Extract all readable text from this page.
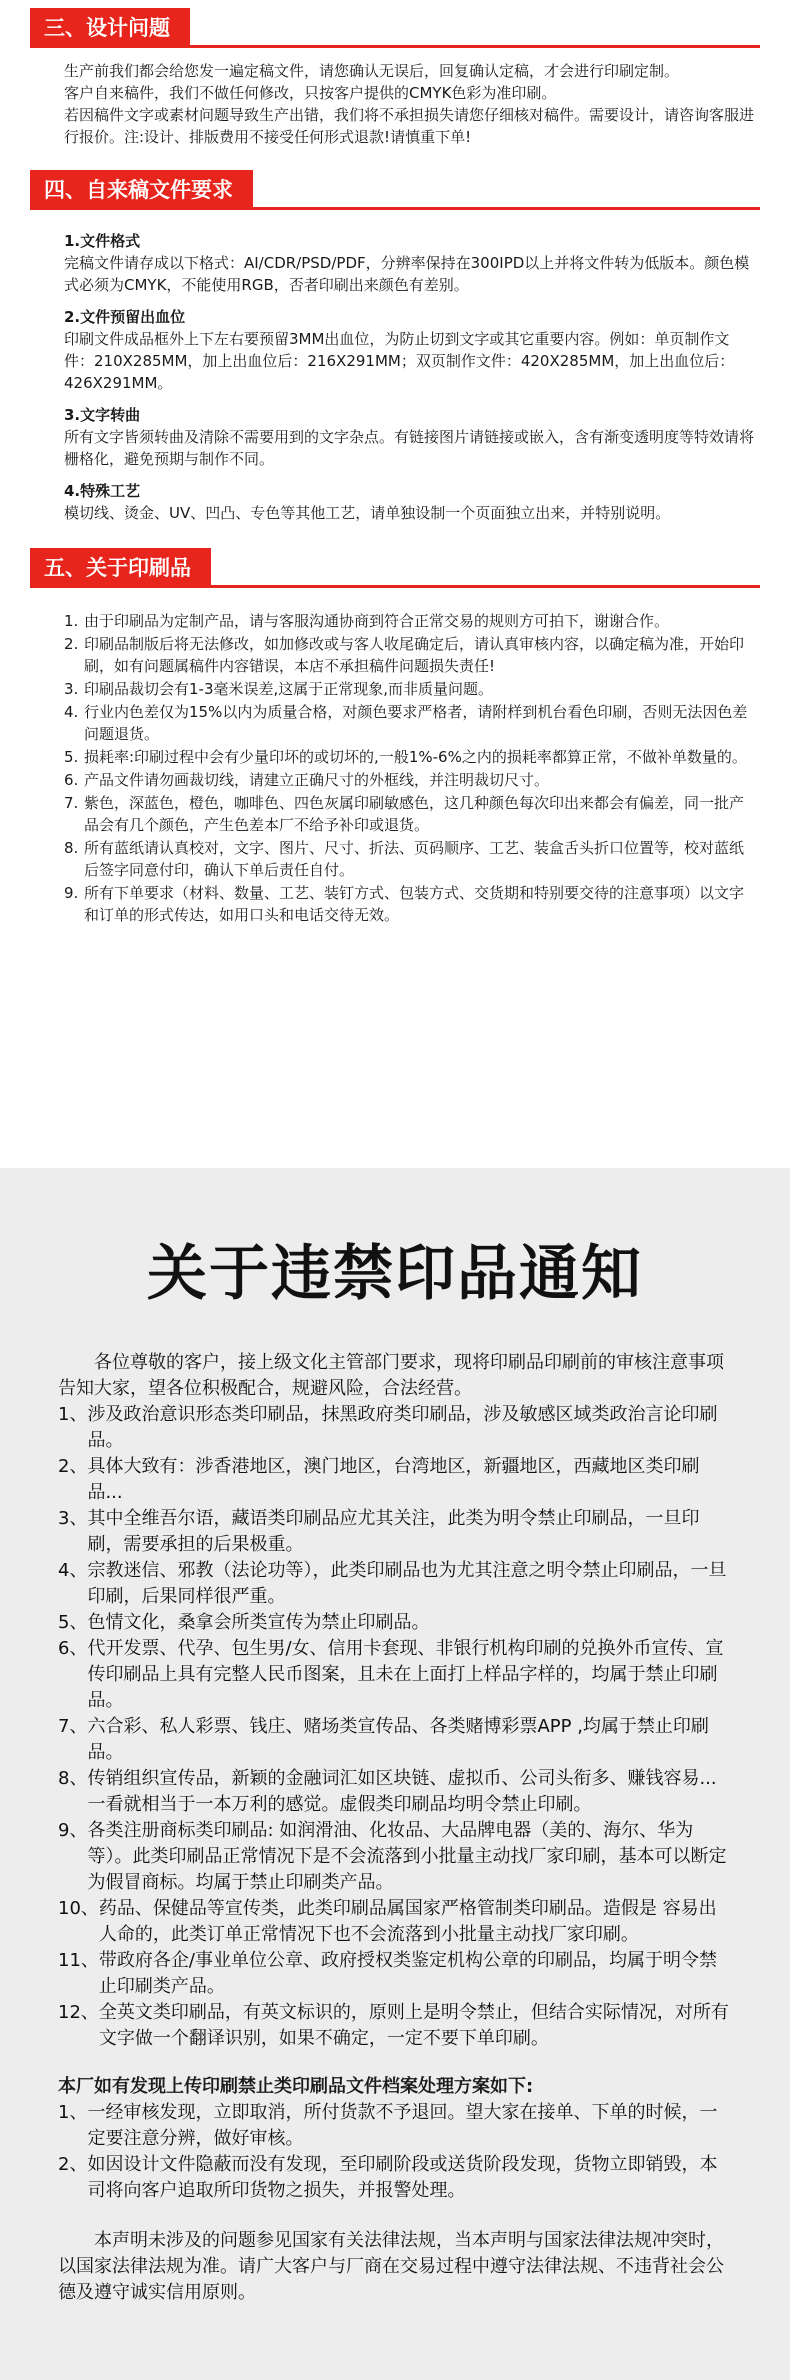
三、设计问题

生产前我们都会给您发一遍定稿文件，请您确认无误后，回复确认定稿，才会进行印刷定制。

客户自来稿件，我们不做任何修改，只按客户提供的CMYK色彩为准印刷。

若因稿件文字或素材问题导致生产出错，我们将不承担损失请您仔细核对稿件。需要设计，请咨询客服进行报价。注:设计、排版费用不接受任何形式退款!请慎重下单!

四、自来稿文件要求
1.文件格式
完稿文件请存成以下格式：AI/CDR/PSD/PDF，分辨率保持在300IPD以上并将文件转为低版本。颜色模式必须为CMYK，不能使用RGB，否者印刷出来颜色有差别。
2.文件预留出血位
印刷文件成品框外上下左右要预留3MM出血位，为防止切到文字或其它重要内容。例如：单页制作文件：210X285MM，加上出血位后：216X291MM；双页制作文件：420X285MM，加上出血位后：426X291MM。
3.文字转曲
所有文字皆须转曲及清除不需要用到的文字杂点。有链接图片请链接或嵌入，含有渐变透明度等特效请将栅格化，避免预期与制作不同。
4.特殊工艺
模切线、烫金、UV、凹凸、专色等其他工艺，请单独设制一个页面独立出来，并特别说明。
五、关于印刷品
1. 由于印刷品为定制产品，请与客服沟通协商到符合正常交易的规则方可拍下，谢谢合作。
2. 印刷品制版后将无法修改，如加修改或与客人收尾确定后，请认真审核内容，以确定稿为准，开始印刷，如有问题属稿件内容错误，本店不承担稿件问题损失责任!
3. 印刷品裁切会有1-3毫米误差,这属于正常现象,而非质量问题。
4. 行业内色差仅为15%以内为质量合格，对颜色要求严格者，请附样到机台看色印刷，否则无法因色差问题退货。
5. 损耗率:印刷过程中会有少量印坏的或切坏的,一般1%-6%之内的损耗率都算正常，不做补单数量的。
6. 产品文件请勿画裁切线，请建立正确尺寸的外框线，并注明裁切尺寸。
7. 紫色，深蓝色，橙色，咖啡色、四色灰属印刷敏感色，这几种颜色每次印出来都会有偏差，同一批产品会有几个颜色，产生色差本厂不给予补印或退货。
8. 所有蓝纸请认真校对，文字、图片、尺寸、折法、页码顺序、工艺、装盒舌头折口位置等，校对蓝纸后签字同意付印，确认下单后责任自付。
9. 所有下单要求（材料、数量、工艺、装钉方式、包装方式、交货期和特别要交待的注意事项）以文字和订单的形式传达，如用口头和电话交待无效。
关于违禁印品通知
各位尊敬的客户，接上级文化主管部门要求，现将印刷品印刷前的审核注意事项告知大家，望各位积极配合，规避风险，合法经营。
1、 涉及政治意识形态类印刷品，抹黑政府类印刷品，涉及敏感区域类政治言论印刷品。
2、 具体大致有：涉香港地区，澳门地区，台湾地区，新疆地区，西藏地区类印刷品...
3、 其中全维吾尔语，藏语类印刷品应尤其关注，此类为明令禁止印刷品，一旦印刷，需要承担的后果极重。
4、 宗教迷信、邪教（法论功等），此类印刷品也为尤其注意之明令禁止印刷品，一旦印刷，后果同样很严重。
5、 色情文化，桑拿会所类宣传为禁止印刷品。
6、 代开发票、代孕、包生男/女、信用卡套现、非银行机构印刷的兑换外币宣传、宣传印刷品上具有完整人民币图案，且未在上面打上样品字样的，均属于禁止印刷品。
7、 六合彩、私人彩票、钱庄、赌场类宣传品、各类赌博彩票APP ,均属于禁止印刷品。
8、 传销组织宣传品，新颖的金融词汇如区块链、虚拟币、公司头衔多、赚钱容易...一看就相当于一本万利的感觉。虚假类印刷品均明令禁止印刷。
9、 各类注册商标类印刷品: 如润滑油、化妆品、大品牌电器（美的、海尔、华为等）。此类印刷品正常情况下是不会流落到小批量主动找厂家印刷，基本可以断定为假冒商标。均属于禁止印刷类产品。
10、 药品、保健品等宣传类，此类印刷品属国家严格管制类印刷品。造假是 容易出人命的，此类订单正常情况下也不会流落到小批量主动找厂家印刷。
11、 带政府各企/事业单位公章、政府授权类鉴定机构公章的印刷品，均属于明令禁止印刷类产品。
12、 全英文类印刷品，有英文标识的，原则上是明令禁止，但结合实际情况，对所有文字做一个翻译识别，如果不确定，一定不要下单印刷。
本厂如有发现上传印刷禁止类印刷品文件档案处理方案如下:
1、 一经审核发现，立即取消，所付货款不予退回。望大家在接单、下单的时候，一定要注意分辨，做好审核。
2、 如因设计文件隐蔽而没有发现，至印刷阶段或送货阶段发现，货物立即销毁，本司将向客户追取所印货物之损失，并报警处理。
本声明未涉及的问题参见国家有关法律法规，当本声明与国家法律法规冲突时，以国家法律法规为准。请广大客户与厂商在交易过程中遵守法律法规、不违背社会公德及遵守诚实信用原则。
